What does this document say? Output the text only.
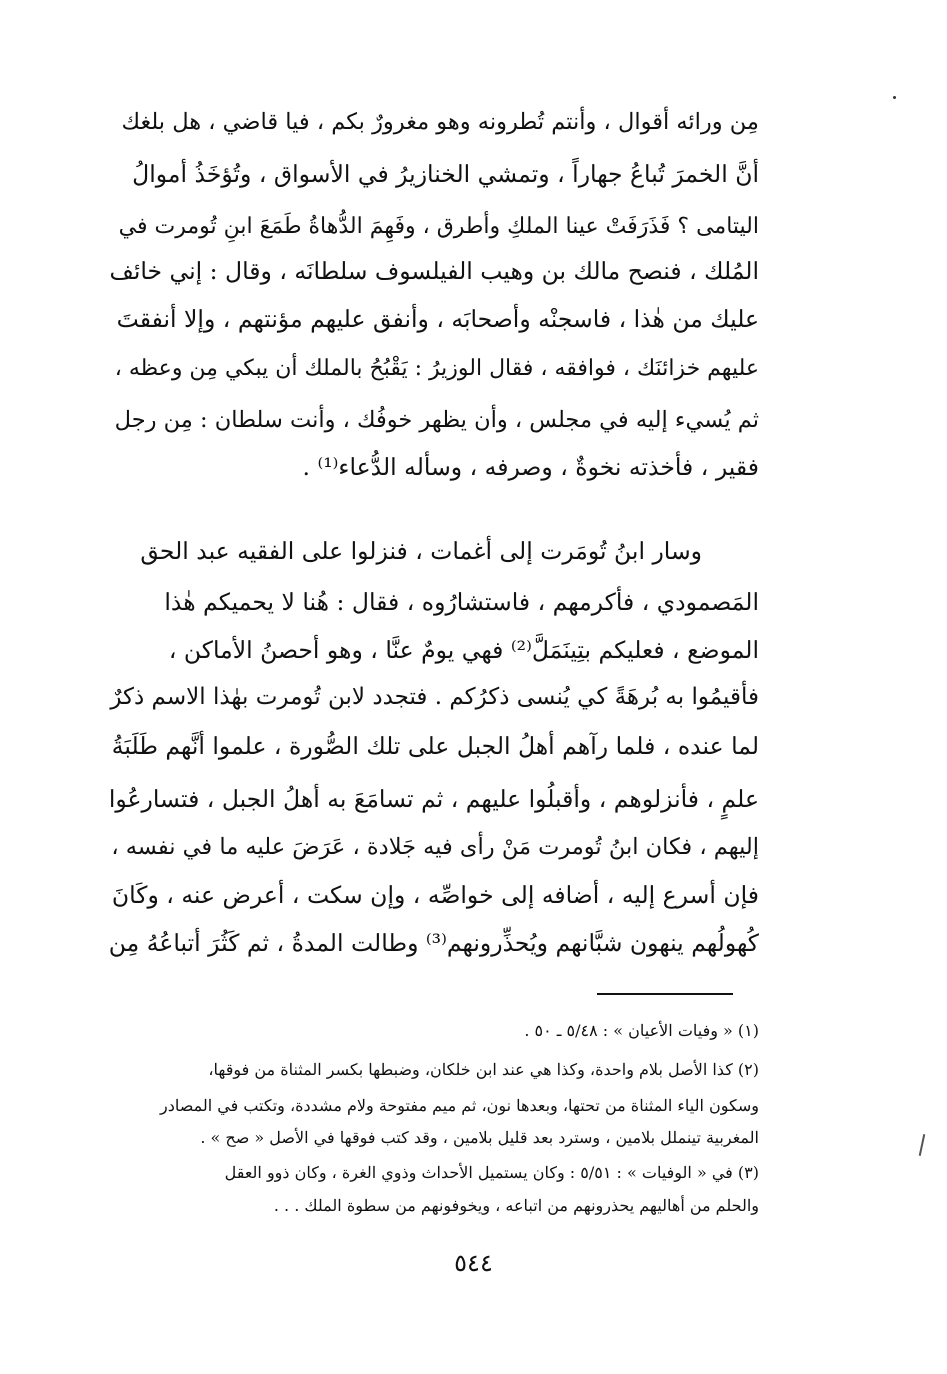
مِن ورائه أقوال ، وأنتم تُطرونه وهو مغرورٌ بكم ، فيا قاضي ، هل بلغك
أنَّ الخمرَ تُباعُ جهاراً ، وتمشي الخنازيرُ في الأسواق ، وتُؤخَذُ أموالُ
اليتامى ؟ فَذَرَفَتْ عينا الملكِ وأطرق ، وفَهِمَ الدُّهاةُ طَمَعَ ابنِ تُومرت في
المُلك ، فنصح مالك بن وهيب الفيلسوف سلطانَه ، وقال : إني خائف
عليك من هٰذا ، فاسجنْه وأصحابَه ، وأنفق عليهم مؤنتهم ، وإلا أنفقتَ
عليهم خزائنَك ، فوافقه ، فقال الوزيرُ : يَقْبُحُ بالملك أن يبكي مِن وعظه ،
ثم يُسيء إليه في مجلس ، وأن يظهر خوفُك ، وأنت سلطان : مِن رجل
فقير ، فأخذته نخوةٌ ، وصرفه ، وسأله الدُّعاء⁽¹⁾ .
وسار ابنُ تُومَرت إلى أغمات ، فنزلوا على الفقيه عبد الحق
المَصمودي ، فأكرمهم ، فاستشارُوه ، فقال : هُنا لا يحميكم هٰذا
الموضع ، فعليكم بتِينَمَلَّ⁽²⁾ فهي يومٌ عنَّا ، وهو أحصنُ الأماكن ،
فأقيمُوا به بُرهَةً كي يُنسى ذكرُكم . فتجدد لابن تُومرت بهٰذا الاسم ذكرٌ
لما عنده ، فلما رآهم أهلُ الجبل على تلك الصُّورة ، علموا أنَّهم طَلَبَةُ
علمٍ ، فأنزلوهم ، وأقبلُوا عليهم ، ثم تسامَعَ به أهلُ الجبل ، فتسارعُوا
إليهم ، فكان ابنُ تُومرت مَنْ رأى فيه جَلادة ، عَرَضَ عليه ما في نفسه ،
فإن أسرع إليه ، أضافه إلى خواصِّه ، وإن سكت ، أعرض عنه ، وكَانَ
كُهولُهم ينهون شبَّانهم ويُحذِّرونهم⁽³⁾ وطالت المدةُ ، ثم كَثُرَ أتباعُهُ مِن
(١) « وفيات الأعيان » : ٥/٤٨ ـ ٥٠ .
(٢) كذا الأصل بلام واحدة، وكذا هي عند ابن خلكان، وضبطها بكسر المثناة من فوقها،
وسكون الياء المثناة من تحتها، وبعدها نون، ثم ميم مفتوحة ولام مشددة، وتكتب في المصادر
المغربية تينملل بلامين ، وسترد بعد قليل بلامين ، وقد كتب فوقها في الأصل « صح » .
(٣) في « الوفيات » : ٥/٥١ : وكان يستميل الأحداث وذوي الغرة ، وكان ذوو العقل
والحلم من أهاليهم يحذرونهم من اتباعه ، ويخوفونهم من سطوة الملك . . .
٥٤٤
